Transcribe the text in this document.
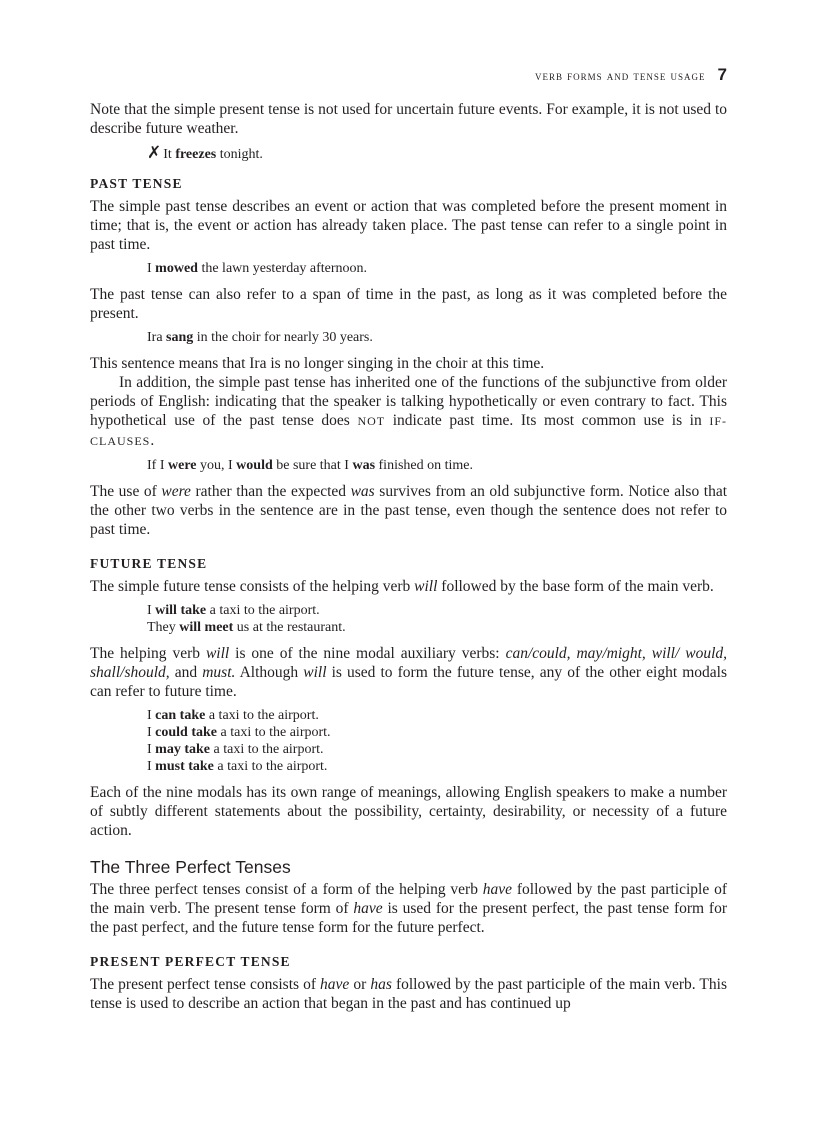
verb forms and tense usage 7

Note that the simple present tense is not used for uncertain future events. For example, it is not used to describe future weather.

✗ It freezes tonight.
PAST TENSE

The simple past tense describes an event or action that was completed before the present moment in time; that is, the event or action has already taken place. The past tense can refer to a single point in past time.

I mowed the lawn yesterday afternoon.

The past tense can also refer to a span of time in the past, as long as it was completed before the present.

Ira sang in the choir for nearly 30 years.

This sentence means that Ira is no longer singing in the choir at this time.

In addition, the simple past tense has inherited one of the functions of the subjunctive from older periods of English: indicating that the speaker is talking hypothetically or even contrary to fact. This hypothetical use of the past tense does NOT indicate past time. Its most common use is in IF-CLAUSES.

If I were you, I would be sure that I was finished on time.

The use of were rather than the expected was survives from an old subjunctive form. Notice also that the other two verbs in the sentence are in the past tense, even though the sentence does not refer to past time.

FUTURE TENSE

The simple future tense consists of the helping verb will followed by the base form of the main verb.

I will take a taxi to the airport.
They will meet us at the restaurant.

The helping verb will is one of the nine modal auxiliary verbs: can/could, may/might, will/ would, shall/should, and must. Although will is used to form the future tense, any of the other eight modals can refer to future time.

I can take a taxi to the airport.
I could take a taxi to the airport.
I may take a taxi to the airport.
I must take a taxi to the airport.

Each of the nine modals has its own range of meanings, allowing English speakers to make a number of subtly different statements about the possibility, certainty, desirability, or necessity of a future action.

The Three Perfect Tenses

The three perfect tenses consist of a form of the helping verb have followed by the past participle of the main verb. The present tense form of have is used for the present perfect, the past tense form for the past perfect, and the future tense form for the future perfect.

PRESENT PERFECT TENSE

The present perfect tense consists of have or has followed by the past participle of the main verb. This tense is used to describe an action that began in the past and has continued up
